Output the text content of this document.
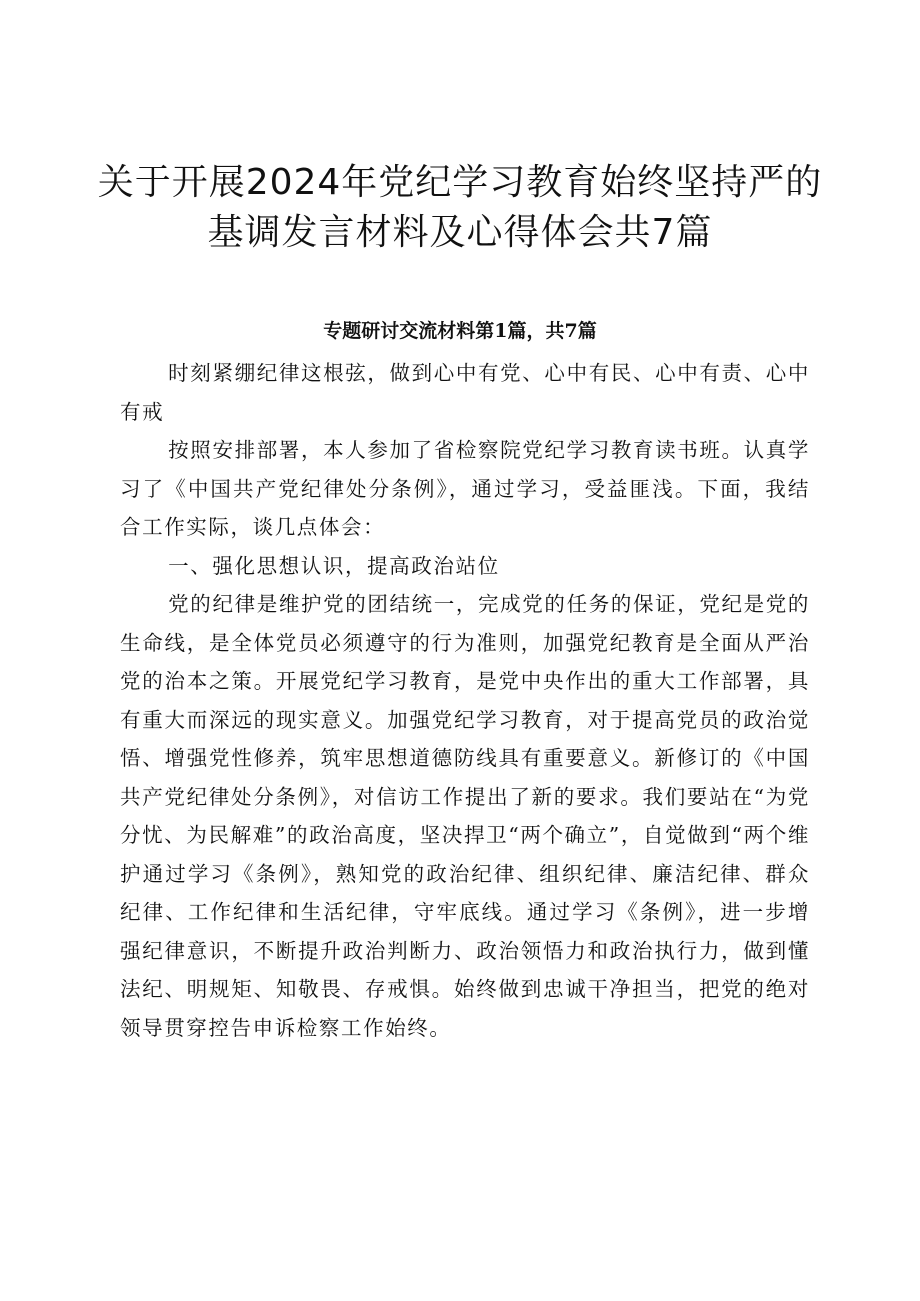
关于开展2024年党纪学习教育始终坚持严的
基调发言材料及心得体会共7篇
专题研讨交流材料第1篇，共7篇

时刻紧绷纪律这根弦，做到心中有党、心中有民、心中有责、心中有戒

按照安排部署，本人参加了省检察院党纪学习教育读书班。认真学习了《中国共产党纪律处分条例》，通过学习，受益匪浅。下面，我结合工作实际，谈几点体会：

一、强化思想认识，提高政治站位

党的纪律是维护党的团结统一，完成党的任务的保证，党纪是党的生命线，是全体党员必须遵守的行为准则，加强党纪教育是全面从严治党的治本之策。开展党纪学习教育，是党中央作出的重大工作部署，具有重大而深远的现实意义。加强党纪学习教育，对于提高党员的政治觉悟、增强党性修养，筑牢思想道德防线具有重要意义。新修订的《中国共产党纪律处分条例》，对信访工作提出了新的要求。我们要站在“为党分忧、为民解难”的政治高度，坚决捍卫“两个确立”，自觉做到“两个维护通过学习《条例》，熟知党的政治纪律、组织纪律、廉洁纪律、群众纪律、工作纪律和生活纪律，守牢底线。通过学习《条例》，进一步增强纪律意识，不断提升政治判断力、政治领悟力和政治执行力，做到懂法纪、明规矩、知敬畏、存戒惧。始终做到忠诚干净担当，把党的绝对领导贯穿控告申诉检察工作始终。
